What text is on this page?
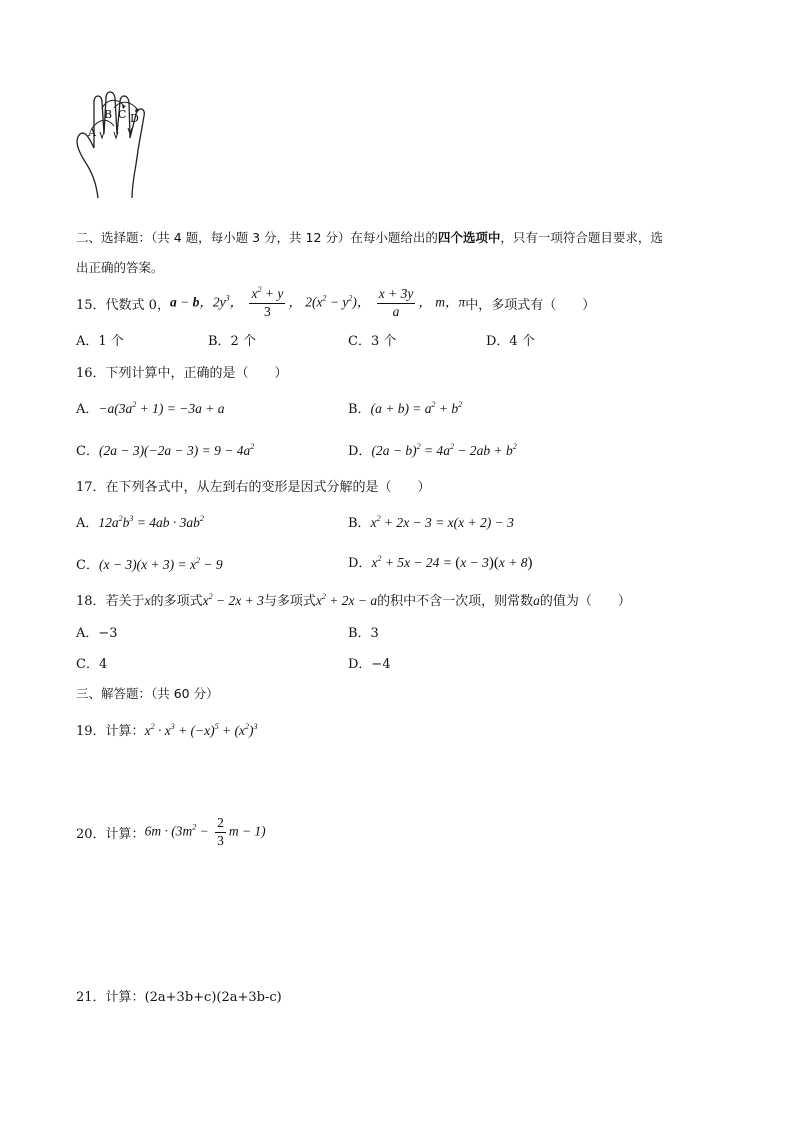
A
B C D
二、选择题：（共 4 题，每小题 3 分，共 12 分）在每小题给出的四个选项中，只有一项符合题目要求，选
出正确的答案。
15． 代数式 0， a − b，$2y^3$， $\frac{x^2 + y}{3}$ ， $2(x^2 - y^2)$， $\frac{x + 3y}{a}$ ， m，π 中，多项式有（　　）
A．1 个	B．2 个	C．3 个	D．4 个
16．下列计算中，正确的是（　　）
A．$-a(3a^2 + 1) = -3a + a$	B．$(a + b) = a^2 + b^2$
C．$(2a - 3)(-2a - 3) = 9 - 4a^2$	D．$(2a - b)^2 = 4a^2 - 2ab + b^2$
17．在下列各式中，从左到右的变形是因式分解的是（　　）
A．$12a^2b^3 = 4ab \cdot 3ab^2$	B．$x^2 + 2x - 3 = x(x + 2) - 3$
C．$(x - 3)(x + 3) = x^2 - 9$	D．$x^2 + 5x - 24 = (x - 3)(x + 8)$
18．若关于x的多项式$x^2 - 2x + 3$与多项式$x^2 + 2x - a$的积中不含一次项，则常数a的值为（　　）
A．−3	B．3
C．4	D．−4
三、解答题：（共 60 分）
19．计算：$x^2 \cdot x^3 + (-x)^5 + (x^2)^3$
20． 计算： $6m \cdot (3m^2 - \frac{2}{3}$ m − 1)
21．计算：(2a+3b+c)(2a+3b-c)
